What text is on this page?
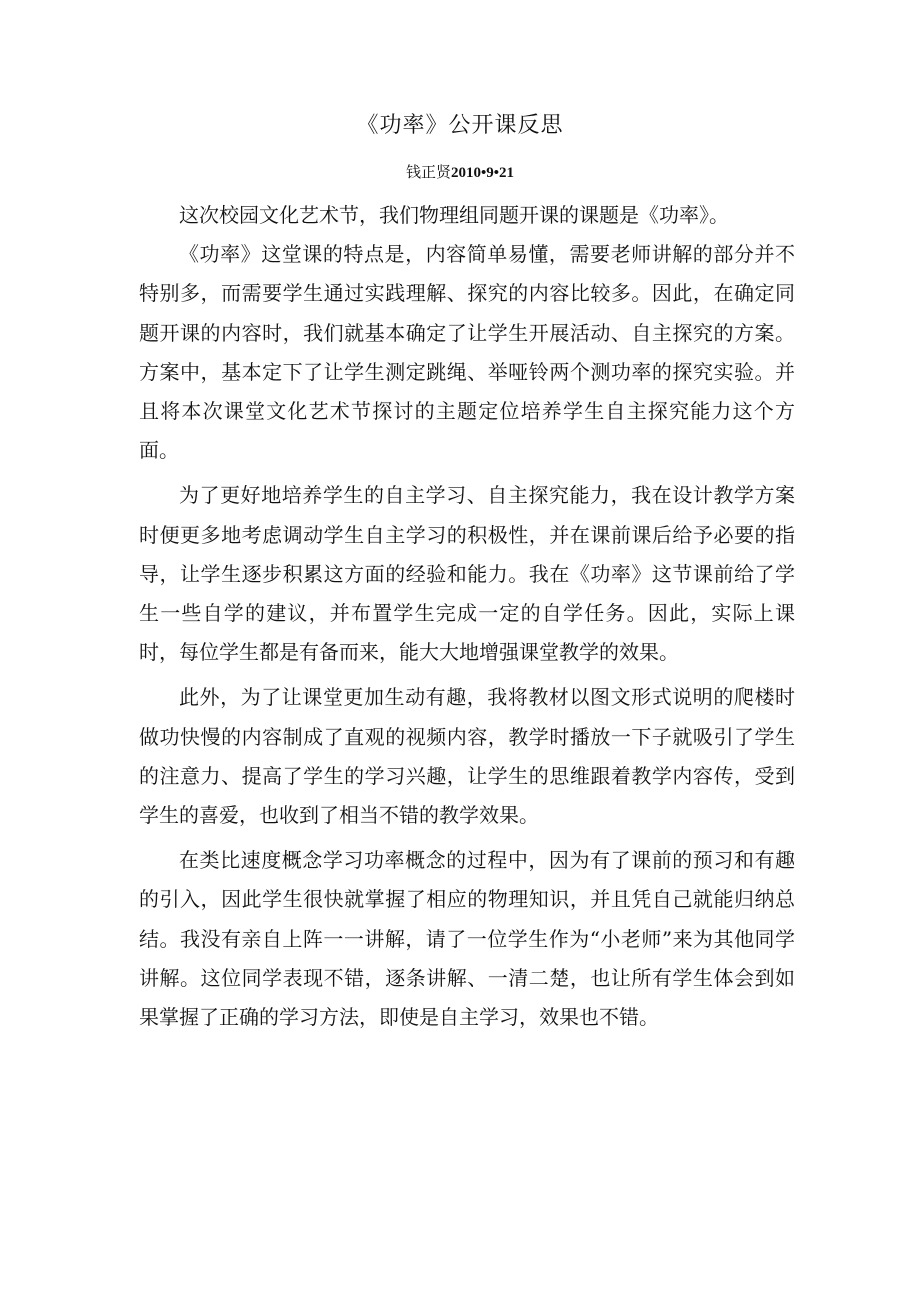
《功率》公开课反思
钱正贤2010•9•21

这次校园文化艺术节，我们物理组同题开课的课题是《功率》。

《功率》这堂课的特点是，内容简单易懂，需要老师讲解的部分并不特别多，而需要学生通过实践理解、探究的内容比较多。因此，在确定同题开课的内容时，我们就基本确定了让学生开展活动、自主探究的方案。方案中，基本定下了让学生测定跳绳、举哑铃两个测功率的探究实验。并且将本次课堂文化艺术节探讨的主题定位培养学生自主探究能力这个方面。

为了更好地培养学生的自主学习、自主探究能力，我在设计教学方案时便更多地考虑调动学生自主学习的积极性，并在课前课后给予必要的指导，让学生逐步积累这方面的经验和能力。我在《功率》这节课前给了学生一些自学的建议，并布置学生完成一定的自学任务。因此，实际上课时，每位学生都是有备而来，能大大地增强课堂教学的效果。

此外，为了让课堂更加生动有趣，我将教材以图文形式说明的爬楼时做功快慢的内容制成了直观的视频内容，教学时播放一下子就吸引了学生的注意力、提高了学生的学习兴趣，让学生的思维跟着教学内容传，受到学生的喜爱，也收到了相当不错的教学效果。

在类比速度概念学习功率概念的过程中，因为有了课前的预习和有趣的引入，因此学生很快就掌握了相应的物理知识，并且凭自己就能归纳总结。我没有亲自上阵一一讲解，请了一位学生作为“小老师”来为其他同学讲解。这位同学表现不错，逐条讲解、一清二楚，也让所有学生体会到如果掌握了正确的学习方法，即使是自主学习，效果也不错。
